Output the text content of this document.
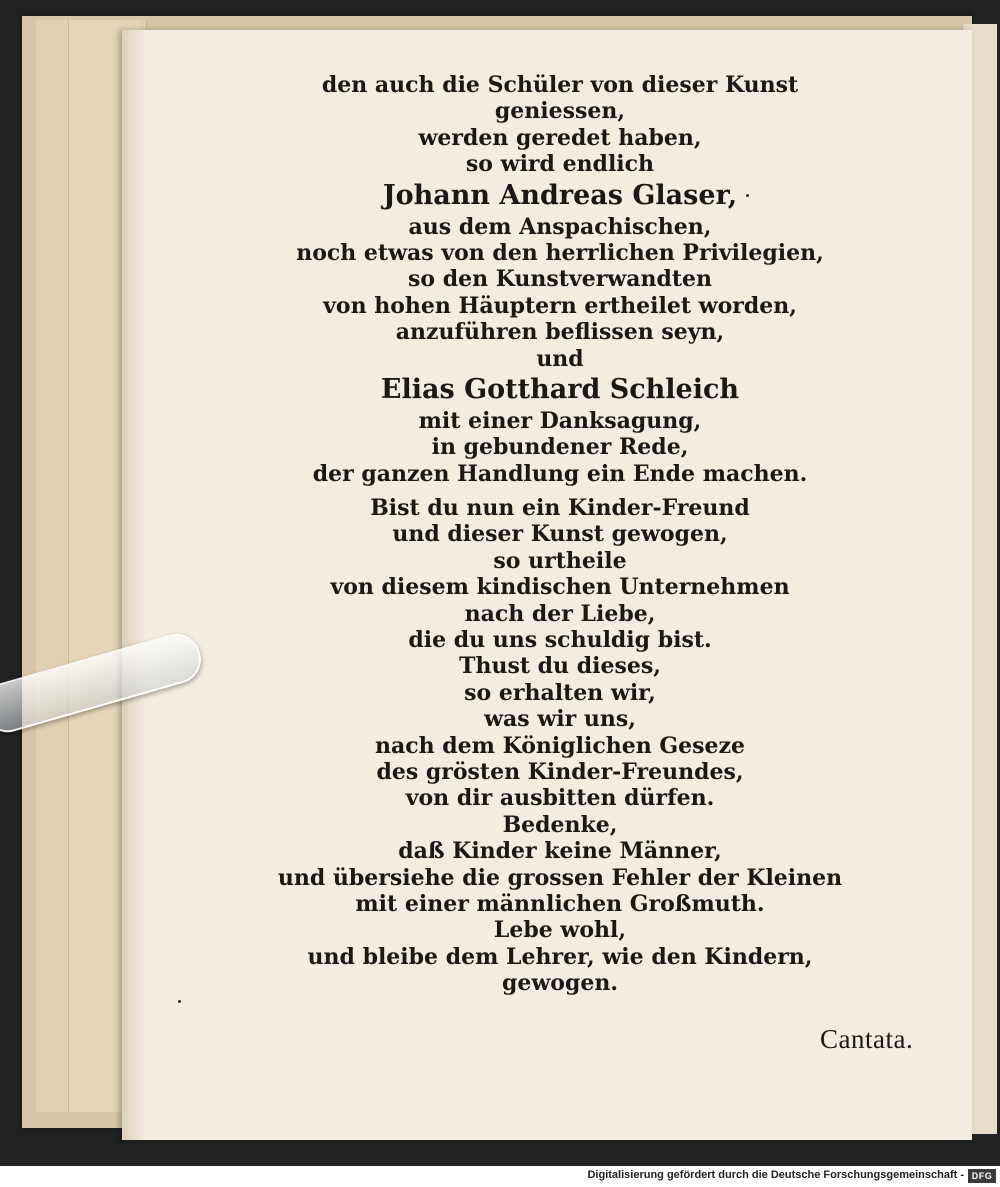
den auch die Schüler von dieser Kunst
geniessen,
werden geredet haben,
so wird endlich
Johann Andreas Glaser,
aus dem Anspachischen,
noch etwas von den herrlichen Privilegien,
so den Kunstverwandten
von hohen Häuptern ertheilet worden,
anzuführen beflissen seyn,
und
Elias Gotthard Schleich
mit einer Danksagung,
in gebundener Rede,
der ganzen Handlung ein Ende machen.
Bist du nun ein Kinder-Freund
und dieser Kunst gewogen,
so urtheile
von diesem kindischen Unternehmen
nach der Liebe,
die du uns schuldig bist.
Thust du dieses,
so erhalten wir,
was wir uns,
nach dem Königlichen Geseze
des grösten Kinder-Freundes,
von dir ausbitten dürfen.
Bedenke,
daß Kinder keine Männer,
und übersiehe die grossen Fehler der Kleinen
mit einer männlichen Großmuth.
Lebe wohl,
und bleibe dem Lehrer, wie den Kindern,
gewogen.
Cantata.
Digitalisierung gefördert durch die Deutsche Forschungsgemeinschaft - DFG
